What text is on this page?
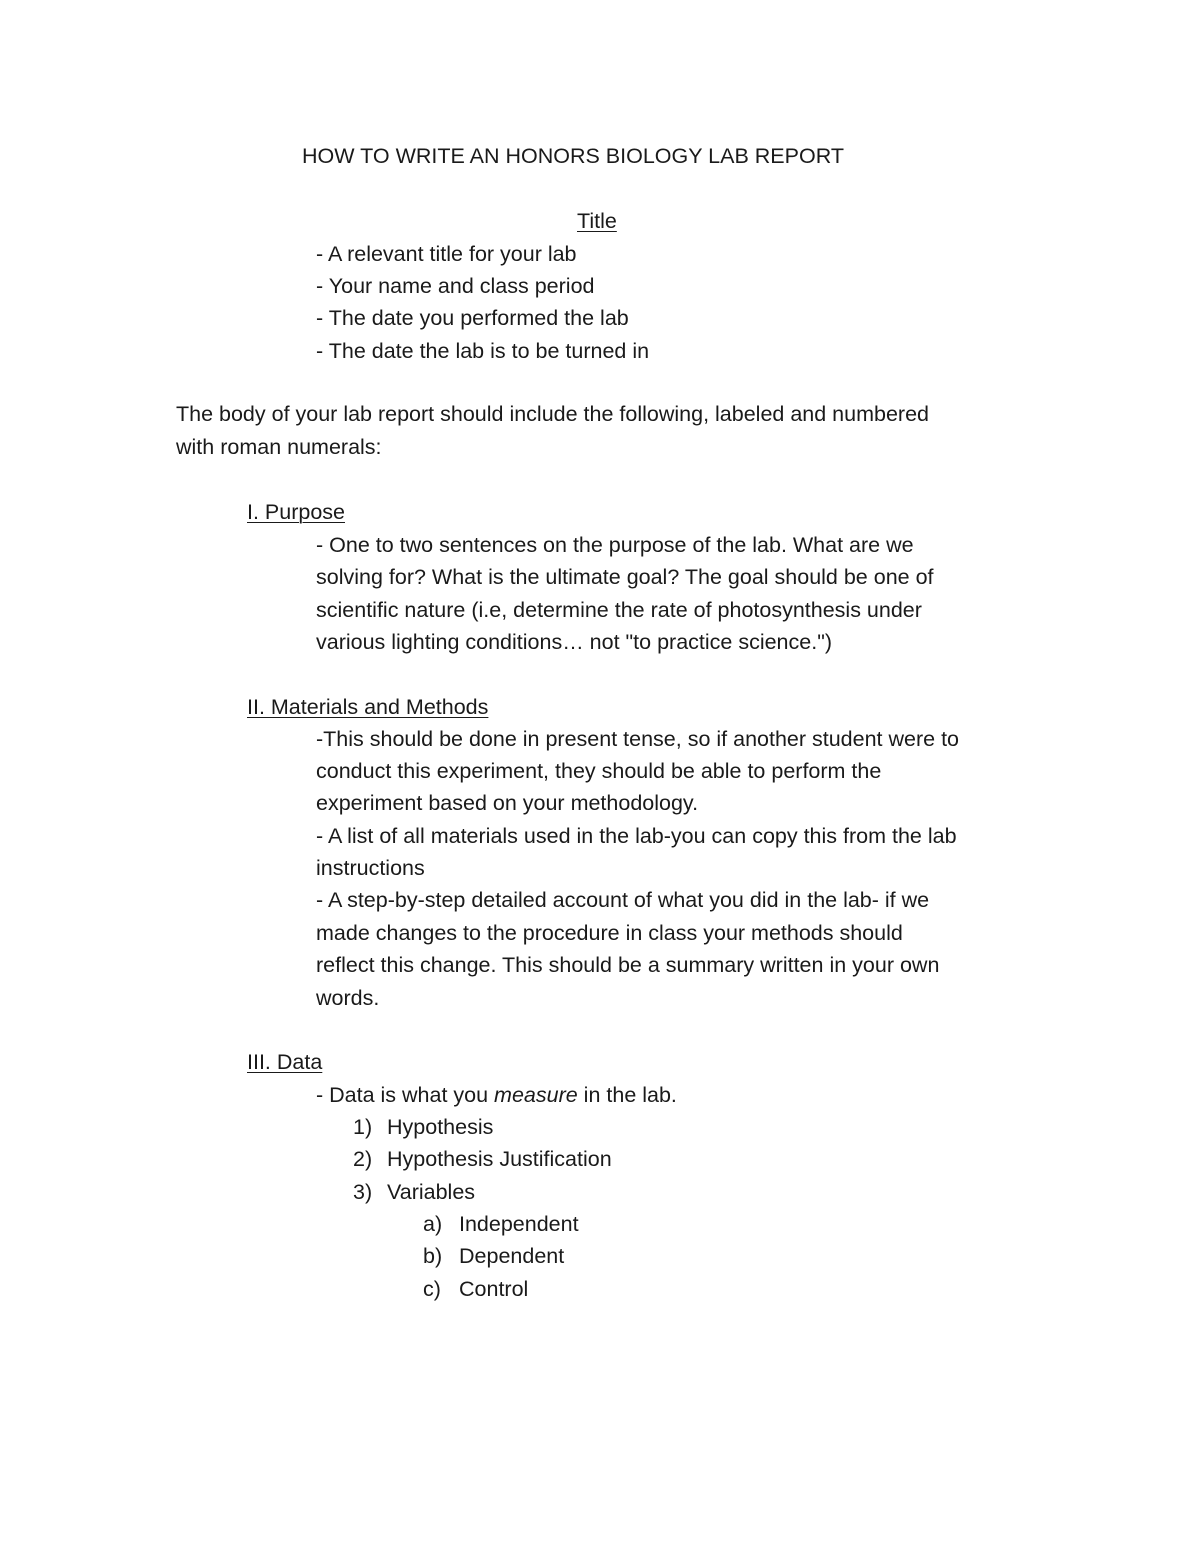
HOW TO WRITE AN HONORS BIOLOGY LAB REPORT

Title

- A relevant title for your lab

- Your name and class period

- The date you performed the lab

- The date the lab is to be turned in

The body of your lab report should include the following, labeled and numbered

with roman numerals:

I. Purpose

- One to two sentences on the purpose of the lab. What are we

solving for? What is the ultimate goal? The goal should be one of

scientific nature (i.e, determine the rate of photosynthesis under

various lighting conditions… not "to practice science.")

II. Materials and Methods

-This should be done in present tense, so if another student were to

conduct this experiment, they should be able to perform the

experiment based on your methodology.

- A list of all materials used in the lab-you can copy this from the lab

instructions

- A step-by-step detailed account of what you did in the lab- if we

made changes to the procedure in class your methods should

reflect this change. This should be a summary written in your own

words.

III. Data

- Data is what you measure in the lab.

1) Hypothesis

2) Hypothesis Justification

3) Variables

a) Independent

b) Dependent

c) Control
